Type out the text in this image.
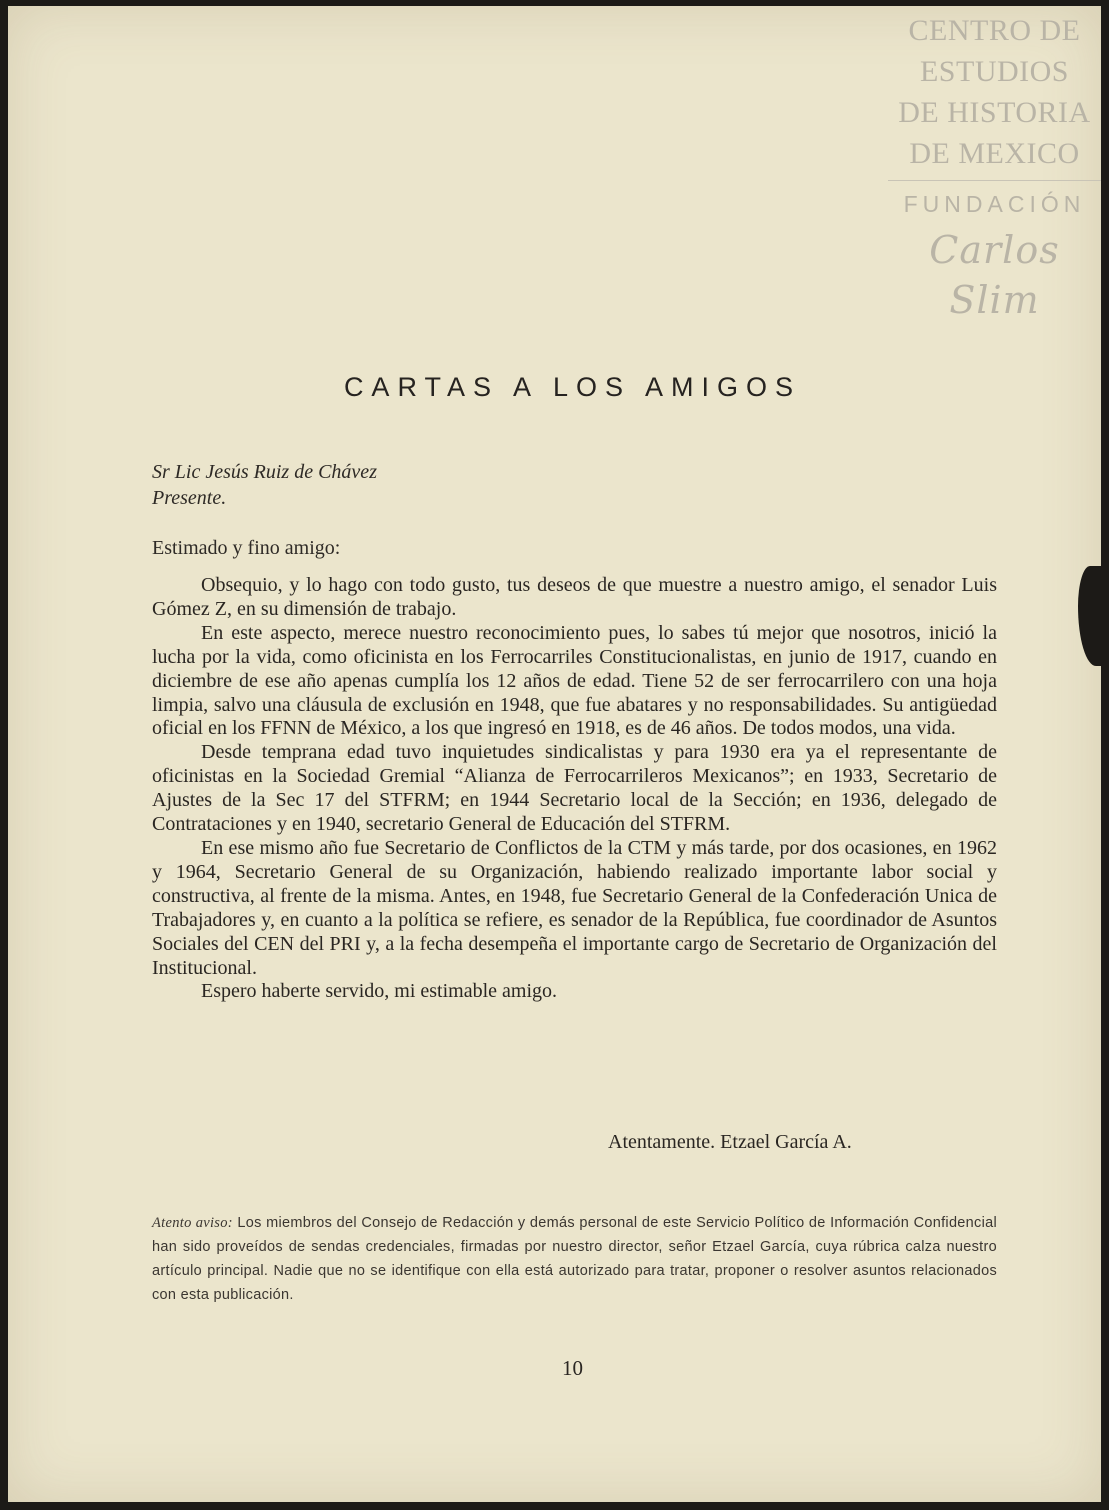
CENTRO DE
ESTUDIOS
DE HISTORIA
DE MEXICO
FUNDACIÓN
Carlos Slim
CARTAS A LOS AMIGOS
Sr Lic Jesús Ruiz de Chávez
Presente.
Estimado y fino amigo:

Obsequio, y lo hago con todo gusto, tus deseos de que muestre a nuestro amigo, el senador Luis Gómez Z, en su dimensión de trabajo.

En este aspecto, merece nuestro reconocimiento pues, lo sabes tú mejor que nosotros, inició la lucha por la vida, como oficinista en los Ferrocarriles Constitucionalistas, en junio de 1917, cuando en diciembre de ese año apenas cumplía los 12 años de edad. Tiene 52 de ser ferrocarrilero con una hoja limpia, salvo una cláusula de exclusión en 1948, que fue abatares y no responsabilidades. Su antigüedad oficial en los FFNN de México, a los que ingresó en 1918, es de 46 años. De todos modos, una vida.

Desde temprana edad tuvo inquietudes sindicalistas y para 1930 era ya el representante de oficinistas en la Sociedad Gremial “Alianza de Ferrocarrileros Mexicanos”; en 1933, Secretario de Ajustes de la Sec 17 del STFRM; en 1944 Secretario local de la Sección; en 1936, delegado de Contrataciones y en 1940, secretario General de Educación del STFRM.

En ese mismo año fue Secretario de Conflictos de la CTM y más tarde, por dos ocasiones, en 1962 y 1964, Secretario General de su Organización, habiendo realizado importante labor social y constructiva, al frente de la misma. Antes, en 1948, fue Secretario General de la Confederación Unica de Trabajadores y, en cuanto a la política se refiere, es senador de la República, fue coordinador de Asuntos Sociales del CEN del PRI y, a la fecha desempeña el importante cargo de Secretario de Organización del Institucional.

Espero haberte servido, mi estimable amigo.

Atentamente. Etzael García A.
Atento aviso: Los miembros del Consejo de Redacción y demás personal de este Servicio Político de Información Confidencial han sido proveídos de sendas credenciales, firmadas por nuestro director, señor Etzael García, cuya rúbrica calza nuestro artículo principal. Nadie que no se identifique con ella está autorizado para tratar, proponer o resolver asuntos relacionados con esta publicación.
10
